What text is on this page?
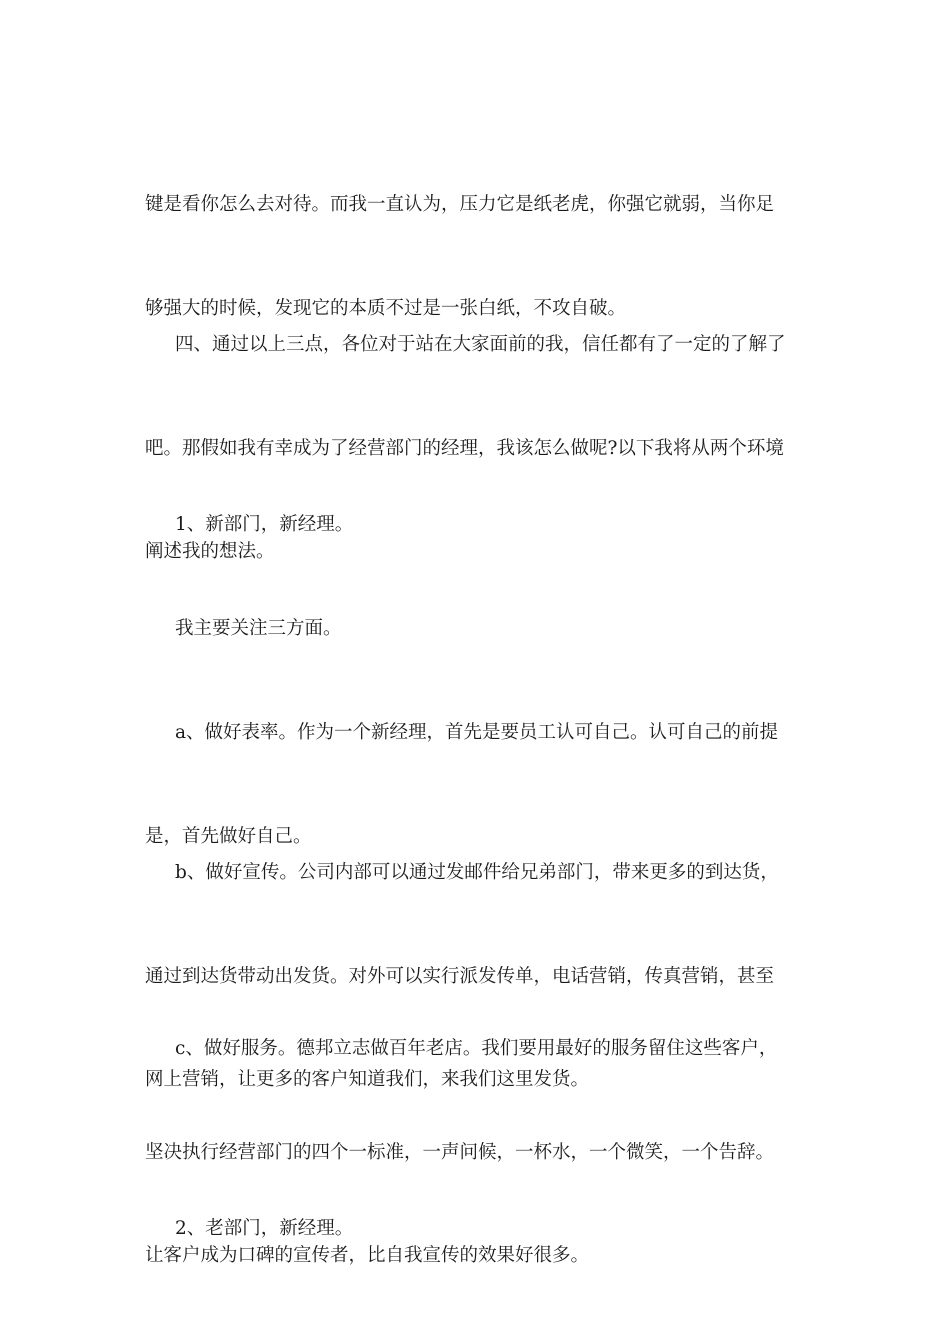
键是看你怎么去对待。而我一直认为，压力它是纸老虎，你强它就弱，当你足

够强大的时候，发现它的本质不过是一张白纸，不攻自破。

四、通过以上三点，各位对于站在大家面前的我，信任都有了一定的了解了

吧。那假如我有幸成为了经营部门的经理，我该怎么做呢?以下我将从两个环境

阐述我的想法。

1、新部门，新经理。

我主要关注三方面。

a、做好表率。作为一个新经理，首先是要员工认可自己。认可自己的前提

是，首先做好自己。

b、做好宣传。公司内部可以通过发邮件给兄弟部门，带来更多的到达货，

通过到达货带动出发货。对外可以实行派发传单，电话营销，传真营销，甚至

网上营销，让更多的客户知道我们，来我们这里发货。

c、做好服务。德邦立志做百年老店。我们要用最好的服务留住这些客户，

坚决执行经营部门的四个一标准，一声问候，一杯水，一个微笑，一个告辞。

让客户成为口碑的宣传者，比自我宣传的效果好很多。

2、老部门，新经理。
